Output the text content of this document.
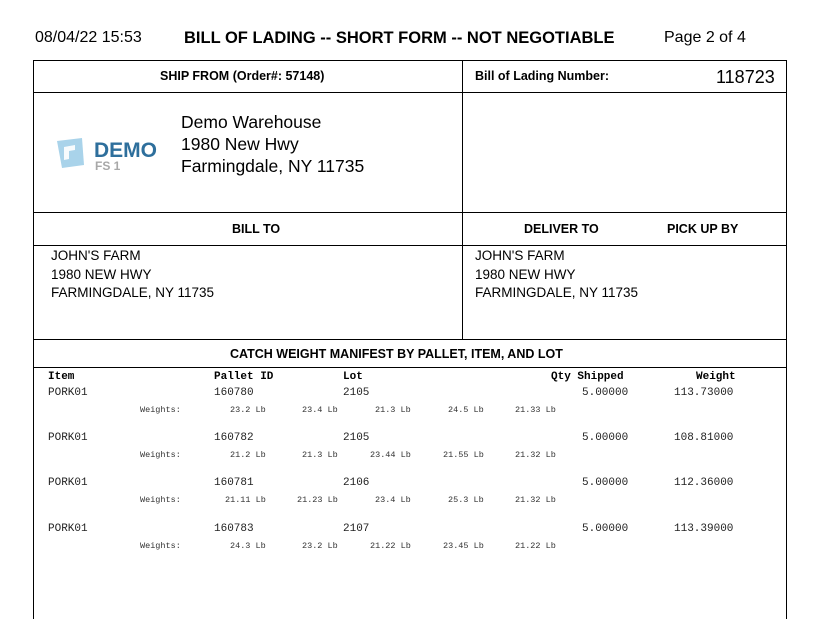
08/04/22 15:53	BILL OF LADING -- SHORT FORM -- NOT NEGOTIABLE	Page 2 of 4
SHIP FROM (Order#: 57148)	Bill of Lading Number:	118723
DEMO
FS 1
Demo Warehouse
1980 New Hwy
Farmingdale, NY 11735
BILL TO	DELIVER TO	PICK UP BY
JOHN'S FARM
1980 NEW HWY
FARMINGDALE, NY 11735
JOHN'S FARM
1980 NEW HWY
FARMINGDALE, NY 11735
CATCH WEIGHT MANIFEST BY PALLET, ITEM, AND LOT
Item	Pallet ID	Lot	Qty Shipped	Weight
PORK01	160780	2105	5.00000	113.73000
Weights:	23.2 Lb	23.4 Lb	21.3 Lb	24.5 Lb	21.33 Lb
PORK01	160782	2105	5.00000	108.81000
Weights:	21.2 Lb	21.3 Lb	23.44 Lb	21.55 Lb	21.32 Lb
PORK01	160781	2106	5.00000	112.36000
Weights:	21.11 Lb	21.23 Lb	23.4 Lb	25.3 Lb	21.32 Lb
PORK01	160783	2107	5.00000	113.39000
Weights:	24.3 Lb	23.2 Lb	21.22 Lb	23.45 Lb	21.22 Lb
